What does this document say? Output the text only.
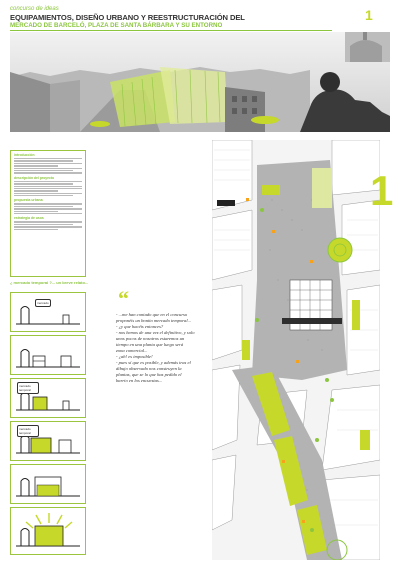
concurso de ideas
EQUIPAMIENTOS, DISEÑO URBANO Y REESTRUCTURACIÓN DEL
MERCADO DE BARCELÓ, PLAZA DE SANTA BÁRBARA Y SU ENTORNO
1
temporal
introducción
descripción del proyecto
propuesta urbana
estrategia de usos
¿ mercado temporal ?... un breve relato...
mercado
mercado temporal
mercado temporal
“

- ...me han contado que en el concurso

proponéis un bonito mercado temporal...

- ¿y que hacéis entonces?

- nos hemos de una vez el definitivo, y solo

unos pocos de nosotros estaremos un

tiempo en una planta que luego será

zona comercial...

- ¿ah! es imposible!

- pues sí que es posible, y además tras el

dibujo observado nos construyen la

plantas, que se lo que has pedido el

barrio en los encuestas...

1
